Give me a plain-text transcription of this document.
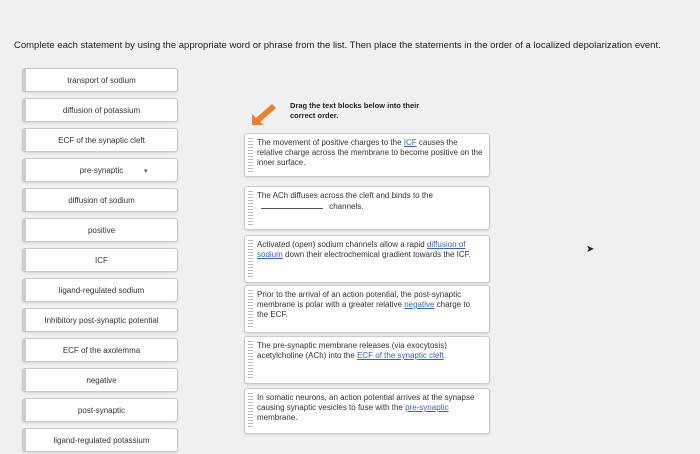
Complete each statement by using the appropriate word or phrase from the list. Then place the statements in the order of a localized depolarization event.
transport of sodium
diffusion of potassium
ECF of the synaptic cleft
pre-synaptic
diffusion of sodium
positive
ICF
ligand-regulated sodium
Inhibitory post-synaptic potential
ECF of the axolemma
negative
post-synaptic
ligand-regulated potassium
▾
Drag the text blocks below into their correct order.
The movement of positive charges to the ICF causes the relative charge across the membrane to become positive on the inner surface.
The ACh diffuses across the cleft and binds to the  channels.
Activated (open) sodium channels allow a rapid diffusion of sodium down their electrochemical gradient towards the ICF.
Prior to the arrival of an action potential, the post-synaptic membrane is polar with a greater relative negative charge to the ECF.
The pre-synaptic membrane releases (via exocytosis) acetylcholine (ACh) into the ECF of the synaptic cleft.
In somatic neurons, an action potential arrives at the synapse causing synaptic vesicles to fuse with the pre-synaptic membrane.
➤
